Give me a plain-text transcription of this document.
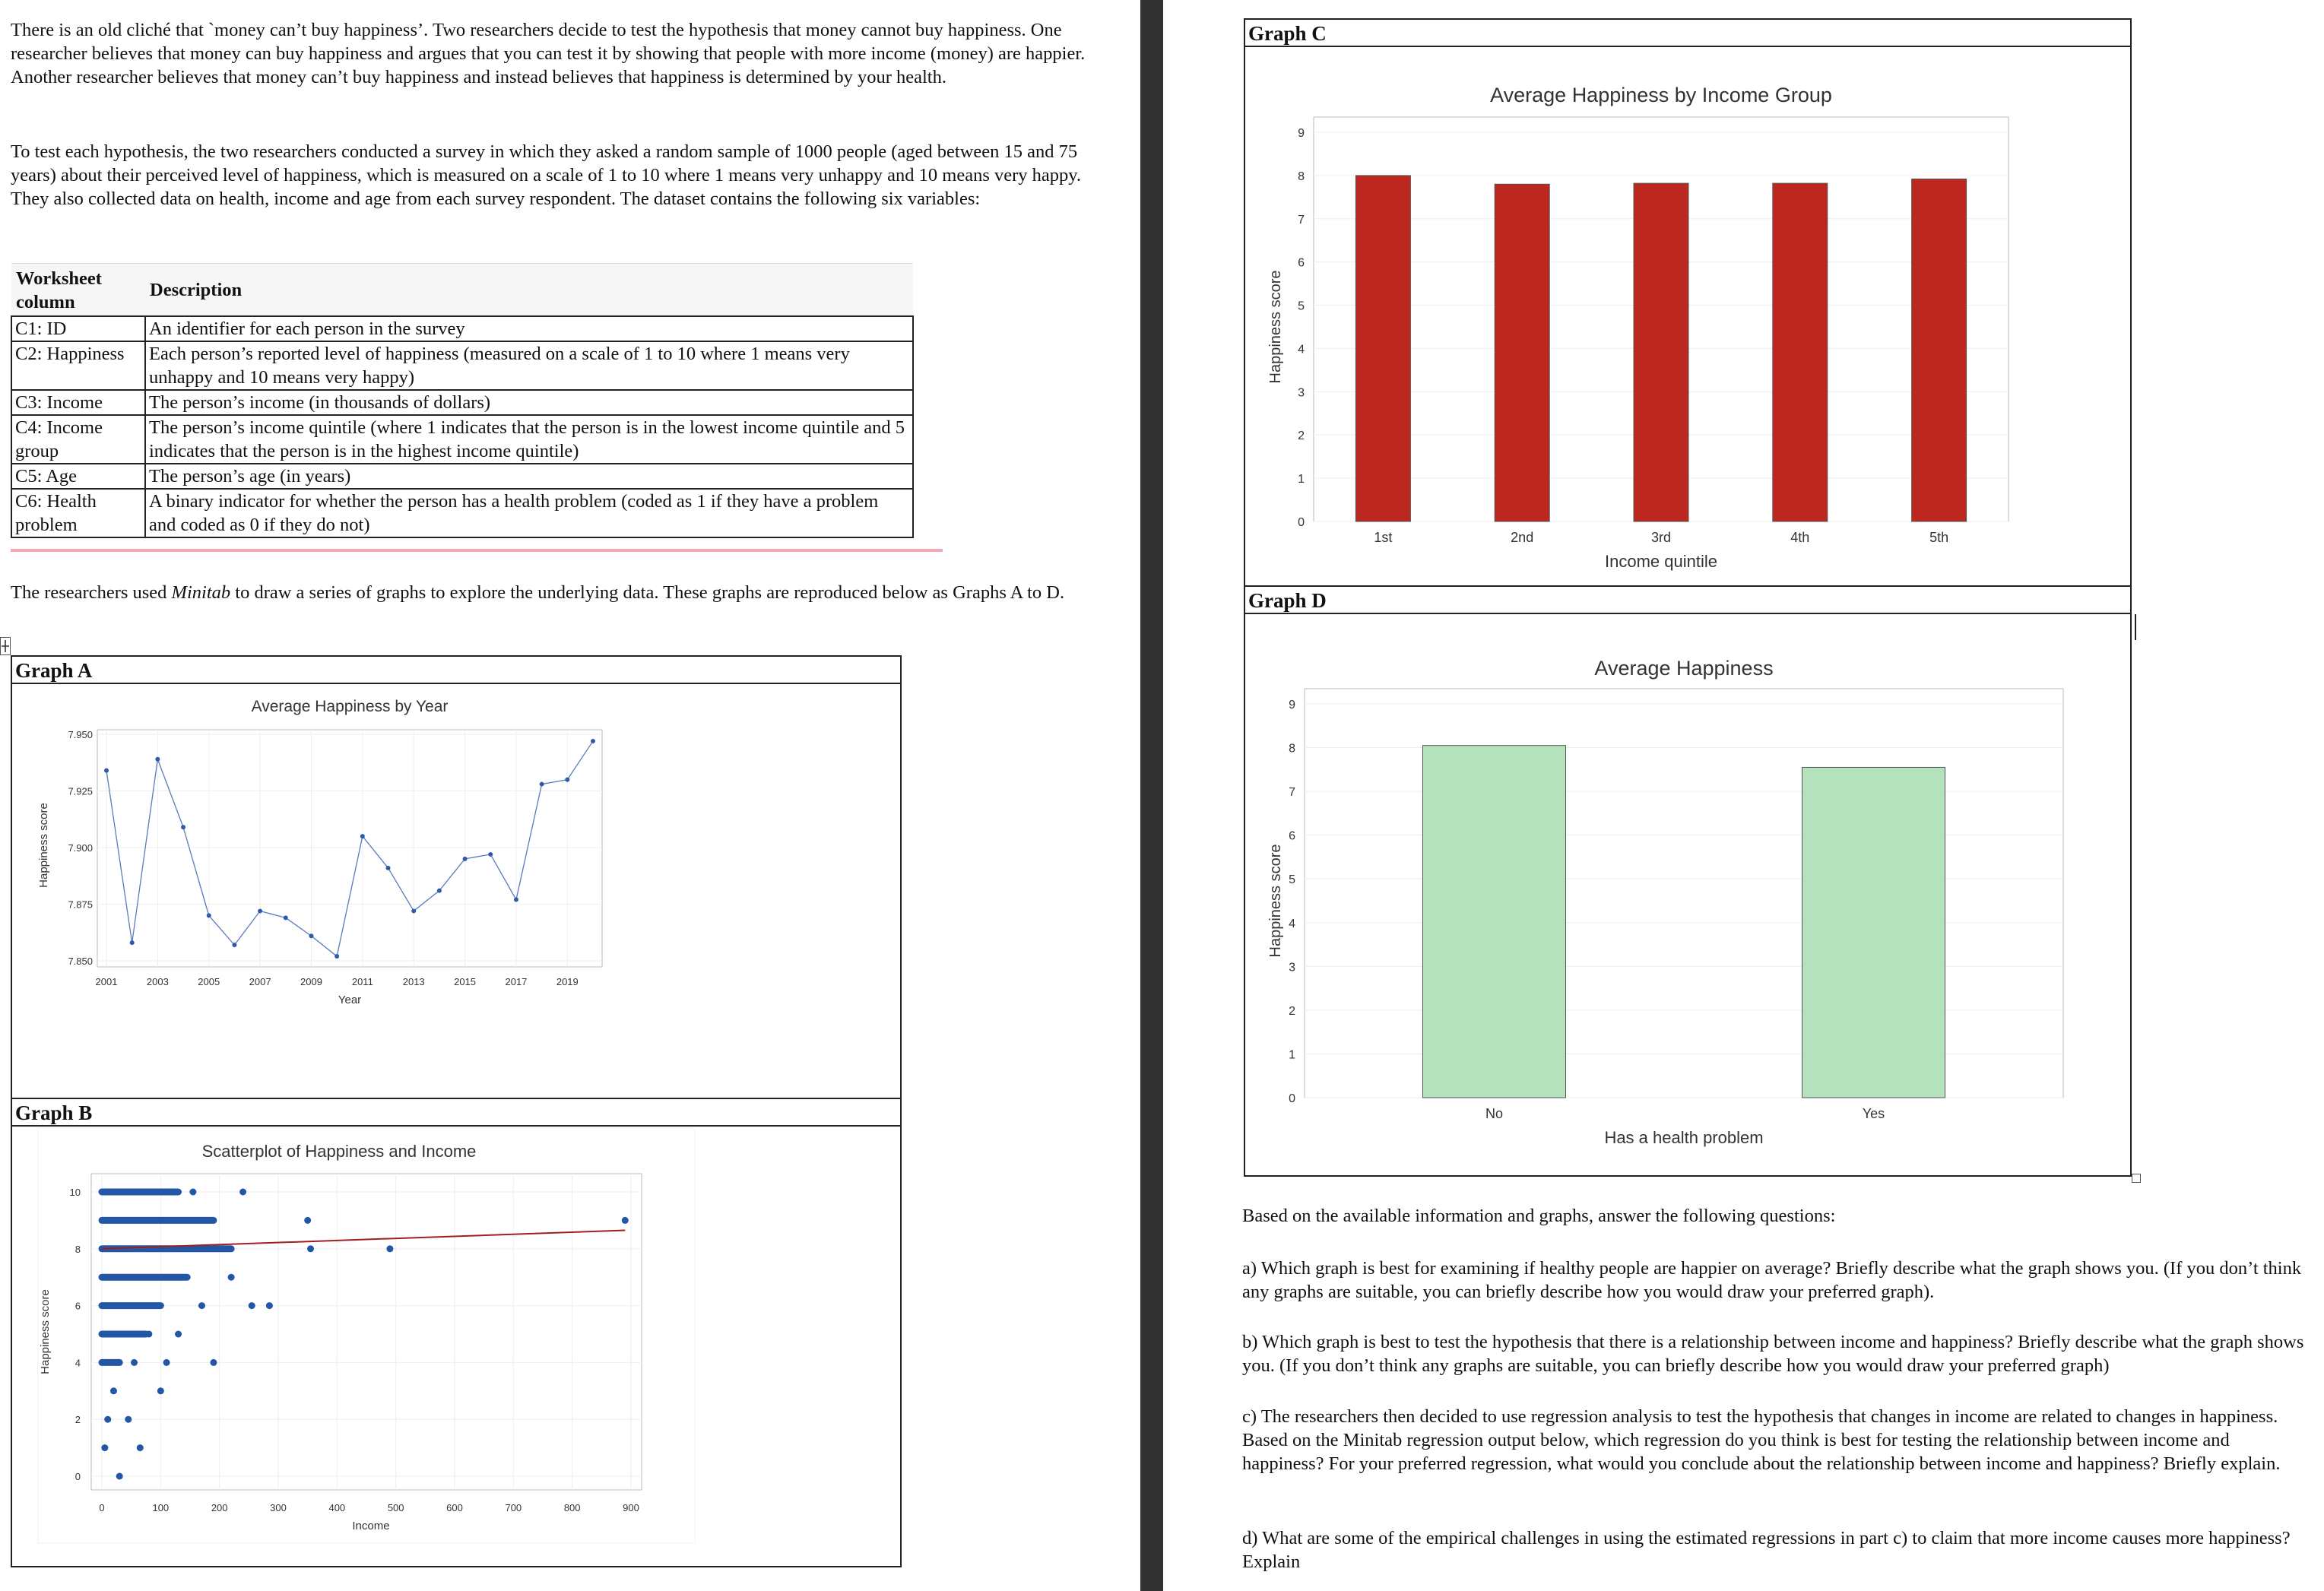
There is an old cliché that `money can’t buy happiness’. Two researchers decide to test the hypothesis that money cannot buy happiness. One researcher believes that money can buy happiness and argues that you can test it by showing that people with more income (money) are happier. Another researcher believes that money can’t buy happiness and instead believes that happiness is determined by your health.

To test each hypothesis, the two researchers conducted a survey in which they asked a random sample of 1000 people (aged between 15 and 75 years) about their perceived level of happiness, which is measured on a scale of 1 to 10 where 1 means very unhappy and 10 means very happy. They also collected data on health, income and age from each survey respondent. The dataset contains the following six variables:

Worksheet column	Description
C1: ID	An identifier for each person in the survey
C2: Happiness	Each person’s reported level of happiness (measured on a scale of 1 to 10 where 1 means very unhappy and 10 means very happy)
C3: Income	The person’s income (in thousands of dollars)
C4: Income group	The person’s income quintile (where 1 indicates that the person is in the lowest income quintile and 5 indicates that the person is in the highest income quintile)
C5: Age	The person’s age (in years)
C6: Health problem	A binary indicator for whether the person has a health problem (coded as 1 if they have a problem and coded as 0 if they do not)

The researchers used Minitab to draw a series of graphs to explore the underlying data. These graphs are reproduced below as Graphs A to D.

Graph A
Average Happiness by Year
7.850
7.875
7.900
7.925
7.950
2001	2003	2005	2007	2009	2011	2013	2015	2017	2019
Year
Happiness score
Graph B
Scatterplot of Happiness and Income
0
2
4
6
8
10
0	100	200	300	400	500	600	700	800	900
Income
Happiness score
Graph C
Average Happiness by Income Group
0
1
2
3
4
5
6
7
8
9
1st	2nd	3rd	4th	5th
Income quintile
Happiness score
Graph D
Average Happiness
0
1
2
3
4
5
6
7
8
9
No	Yes
Has a health problem
Happiness score
Based on the available information and graphs, answer the following questions:
a) Which graph is best for examining if healthy people are happier on average? Briefly describe what the graph shows you. (If you don’t think any graphs are suitable, you can briefly describe how you would draw your preferred graph).
b) Which graph is best to test the hypothesis that there is a relationship between income and happiness? Briefly describe what the graph shows you. (If you don’t think any graphs are suitable, you can briefly describe how you would draw your preferred graph)
c) The researchers then decided to use regression analysis to test the hypothesis that changes in income are related to changes in happiness. Based on the Minitab regression output below, which regression do you think is best for testing the relationship between income and happiness? For your preferred regression, what would you conclude about the relationship between income and happiness? Briefly explain.
d) What are some of the empirical challenges in using the estimated regressions in part c) to claim that more income causes more happiness? Explain
